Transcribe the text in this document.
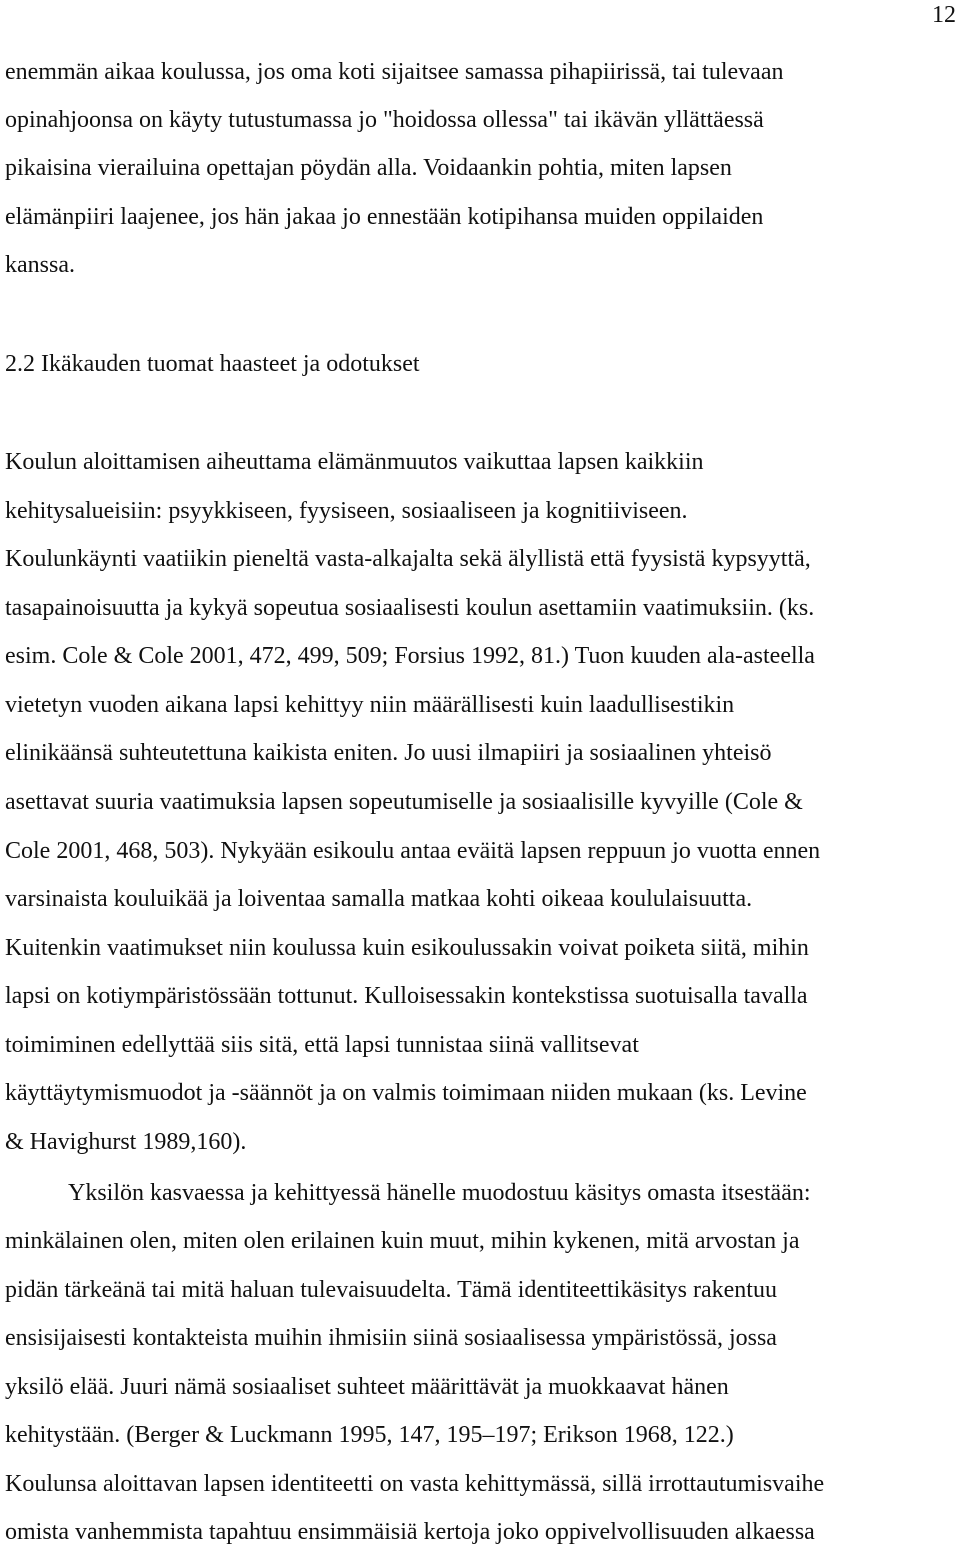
12
enemmän aikaa koulussa, jos oma koti sijaitsee samassa pihapiirissä, tai tulevaan
opinahjoonsa on käyty tutustumassa jo "hoidossa ollessa" tai ikävän yllättäessä
pikaisina vierailuina opettajan pöydän alla. Voidaankin pohtia, miten lapsen
elämänpiiri laajenee, jos hän jakaa jo ennestään kotipihansa muiden oppilaiden
kanssa.
2.2 Ikäkauden tuomat haasteet ja odotukset
Koulun aloittamisen aiheuttama elämänmuutos vaikuttaa lapsen kaikkiin
kehitysalueisiin: psyykkiseen, fyysiseen, sosiaaliseen ja kognitiiviseen.
Koulunkäynti vaatiikin pieneltä vasta-alkajalta sekä älyllistä että fyysistä kypsyyttä,
tasapainoisuutta ja kykyä sopeutua sosiaalisesti koulun asettamiin vaatimuksiin. (ks.
esim. Cole & Cole 2001, 472, 499, 509; Forsius 1992, 81.) Tuon kuuden ala-asteella
vietetyn vuoden aikana lapsi kehittyy niin määrällisesti kuin laadullisestikin
elinikäänsä suhteutettuna kaikista eniten. Jo uusi ilmapiiri ja sosiaalinen yhteisö
asettavat suuria vaatimuksia lapsen sopeutumiselle ja sosiaalisille kyvyille (Cole &
Cole 2001, 468, 503). Nykyään esikoulu antaa eväitä lapsen reppuun jo vuotta ennen
varsinaista kouluikää ja loiventaa samalla matkaa kohti oikeaa koululaisuutta.
Kuitenkin vaatimukset niin koulussa kuin esikoulussakin voivat poiketa siitä, mihin
lapsi on kotiympäristössään tottunut. Kulloisessakin kontekstissa suotuisalla tavalla
toimiminen edellyttää siis sitä, että lapsi tunnistaa siinä vallitsevat
käyttäytymismuodot ja -säännöt ja on valmis toimimaan niiden mukaan (ks. Levine
& Havighurst 1989,160).
Yksilön kasvaessa ja kehittyessä hänelle muodostuu käsitys omasta itsestään:
minkälainen olen, miten olen erilainen kuin muut, mihin kykenen, mitä arvostan ja
pidän tärkeänä tai mitä haluan tulevaisuudelta. Tämä identiteettikäsitys rakentuu
ensisijaisesti kontakteista muihin ihmisiin siinä sosiaalisessa ympäristössä, jossa
yksilö elää. Juuri nämä sosiaaliset suhteet määrittävät ja muokkaavat hänen
kehitystään. (Berger & Luckmann 1995, 147, 195–197; Erikson 1968, 122.)
Koulunsa aloittavan lapsen identiteetti on vasta kehittymässä, sillä irrottautumisvaihe
omista vanhemmista tapahtuu ensimmäisiä kertoja joko oppivelvollisuuden alkaessa
